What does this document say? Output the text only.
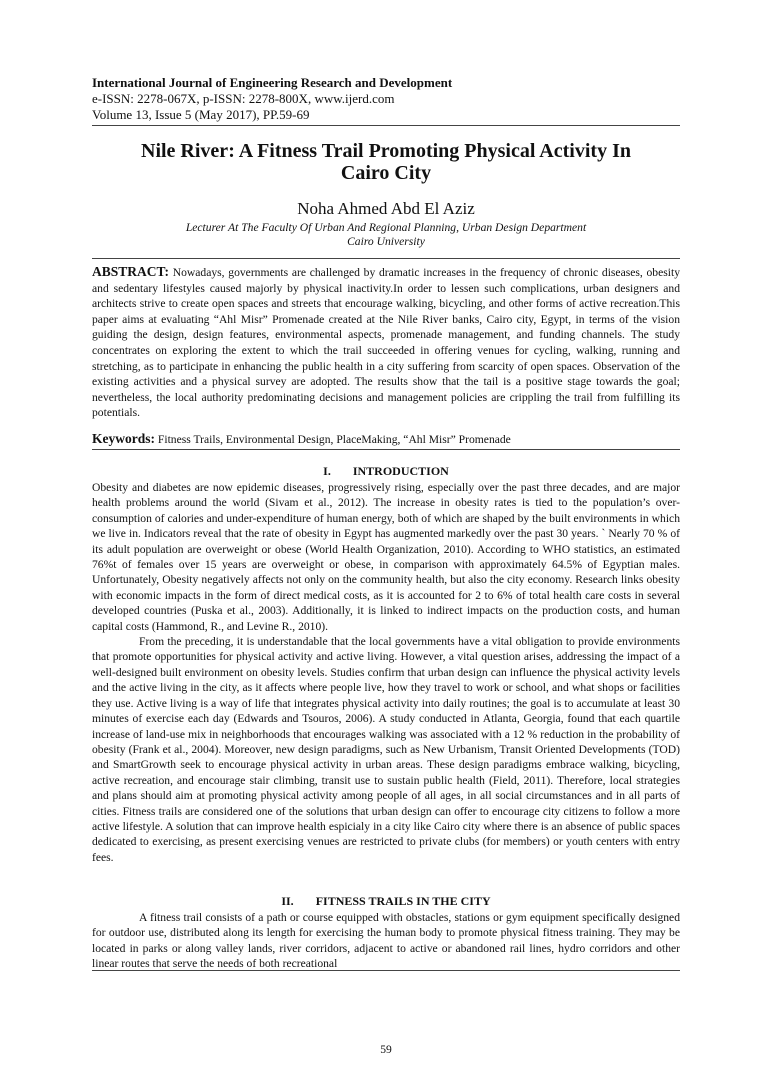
International Journal of Engineering Research and Development
e-ISSN: 2278-067X, p-ISSN: 2278-800X, www.ijerd.com
Volume 13, Issue 5 (May 2017), PP.59-69
Nile River: A Fitness Trail Promoting Physical Activity In
Cairo City
Noha Ahmed Abd El Aziz
Lecturer At The Faculty Of Urban And Regional Planning, Urban Design Department
Cairo University
ABSTRACT: Nowadays, governments are challenged by dramatic increases in the frequency of chronic diseases, obesity and sedentary lifestyles caused majorly by physical inactivity.In order to lessen such complications, urban designers and architects strive to create open spaces and streets that encourage walking, bicycling, and other forms of active recreation.This paper aims at evaluating “Ahl Misr” Promenade created at the Nile River banks, Cairo city, Egypt, in terms of the vision guiding the design, design features, environmental aspects, promenade management, and funding channels. The study concentrates on exploring the extent to which the trail succeeded in offering venues for cycling, walking, running and stretching, as to participate in enhancing the public health in a city suffering from scarcity of open spaces. Observation of the existing activities and a physical survey are adopted. The results show that the tail is a positive stage towards the goal; nevertheless, the local authority predominating decisions and management policies are crippling the trail from fulfilling its potentials.
Keywords: Fitness Trails, Environmental Design, PlaceMaking, “Ahl Misr” Promenade
I. INTRODUCTION

Obesity and diabetes are now epidemic diseases, progressively rising, especially over the past three decades, and are major health problems around the world (Sivam et al., 2012). The increase in obesity rates is tied to the population’s over-consumption of calories and under-expenditure of human energy, both of which are shaped by the built environments in which we live in. Indicators reveal that the rate of obesity in Egypt has augmented markedly over the past 30 years. ` Nearly 70 % of its adult population are overweight or obese (World Health Organization, 2010). According to WHO statistics, an estimated 76%t of females over 15 years are overweight or obese, in comparison with approximately 64.5% of Egyptian males. Unfortunately, Obesity negatively affects not only on the community health, but also the city economy. Research links obesity with economic impacts in the form of direct medical costs, as it is accounted for 2 to 6% of total health care costs in several developed countries (Puska et al., 2003). Additionally, it is linked to indirect impacts on the production costs, and human capital costs (Hammond, R., and Levine R., 2010).

From the preceding, it is understandable that the local governments have a vital obligation to provide environments that promote opportunities for physical activity and active living. However, a vital question arises, addressing the impact of a well-designed built environment on obesity levels. Studies confirm that urban design can influence the physical activity levels and the active living in the city, as it affects where people live, how they travel to work or school, and what shops or facilities they use. Active living is a way of life that integrates physical activity into daily routines; the goal is to accumulate at least 30 minutes of exercise each day (Edwards and Tsouros, 2006). A study conducted in Atlanta, Georgia, found that each quartile increase of land-use mix in neighborhoods that encourages walking was associated with a 12 % reduction in the probability of obesity (Frank et al., 2004). Moreover, new design paradigms, such as New Urbanism, Transit Oriented Developments (TOD) and SmartGrowth seek to encourage physical activity in urban areas. These design paradigms embrace walking, bicycling, active recreation, and encourage stair climbing, transit use to sustain public health (Field, 2011). Therefore, local strategies and plans should aim at promoting physical activity among people of all ages, in all social circumstances and in all parts of cities. Fitness trails are considered one of the solutions that urban design can offer to encourage city citizens to follow a more active lifestyle. A solution that can improve health espicialy in a city like Cairo city where there is an absence of public spaces dedicated to exercising, as present exercising venues are restricted to private clubs (for members) or youth centers with entry fees.

II. FITNESS TRAILS IN THE CITY

A fitness trail consists of a path or course equipped with obstacles, stations or gym equipment specifically designed for outdoor use, distributed along its length for exercising the human body to promote physical fitness training. They may be located in parks or along valley lands, river corridors, adjacent to active or abandoned rail lines, hydro corridors and other linear routes that serve the needs of both recreational

59
